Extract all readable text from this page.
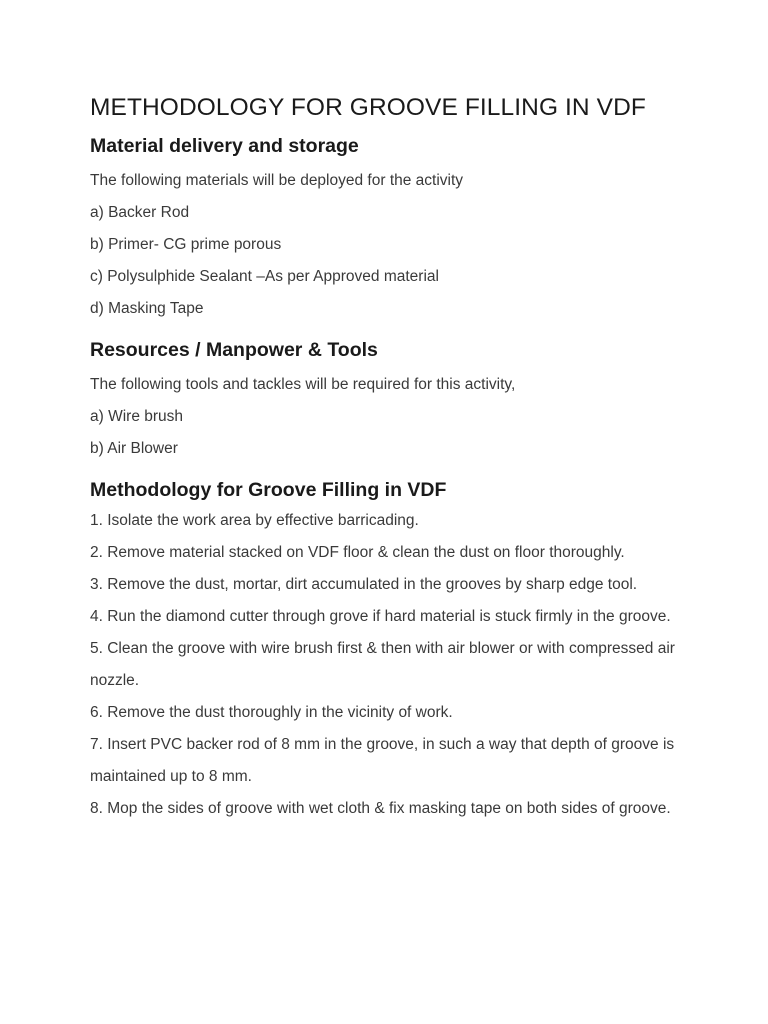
METHODOLOGY FOR GROOVE FILLING IN VDF
Material delivery and storage

The following materials will be deployed for the activity

a) Backer Rod
b) Primer- CG prime porous
c) Polysulphide Sealant –As per Approved material
d) Masking Tape
Resources / Manpower & Tools

The following tools and tackles will be required for this activity,

a) Wire brush
b) Air Blower
Methodology for Groove Filling in VDF
1. Isolate the work area by effective barricading.
2. Remove material stacked on VDF floor & clean the dust on floor thoroughly.
3. Remove the dust, mortar, dirt accumulated in the grooves by sharp edge tool.
4. Run the diamond cutter through grove if hard material is stuck firmly in the groove.
5. Clean the groove with wire brush first & then with air blower or with compressed air nozzle.
6. Remove the dust thoroughly in the vicinity of work.
7. Insert PVC backer rod of 8 mm in the groove, in such a way that depth of groove is maintained up to 8 mm.
8. Mop the sides of groove with wet cloth & fix masking tape on both sides of groove.
